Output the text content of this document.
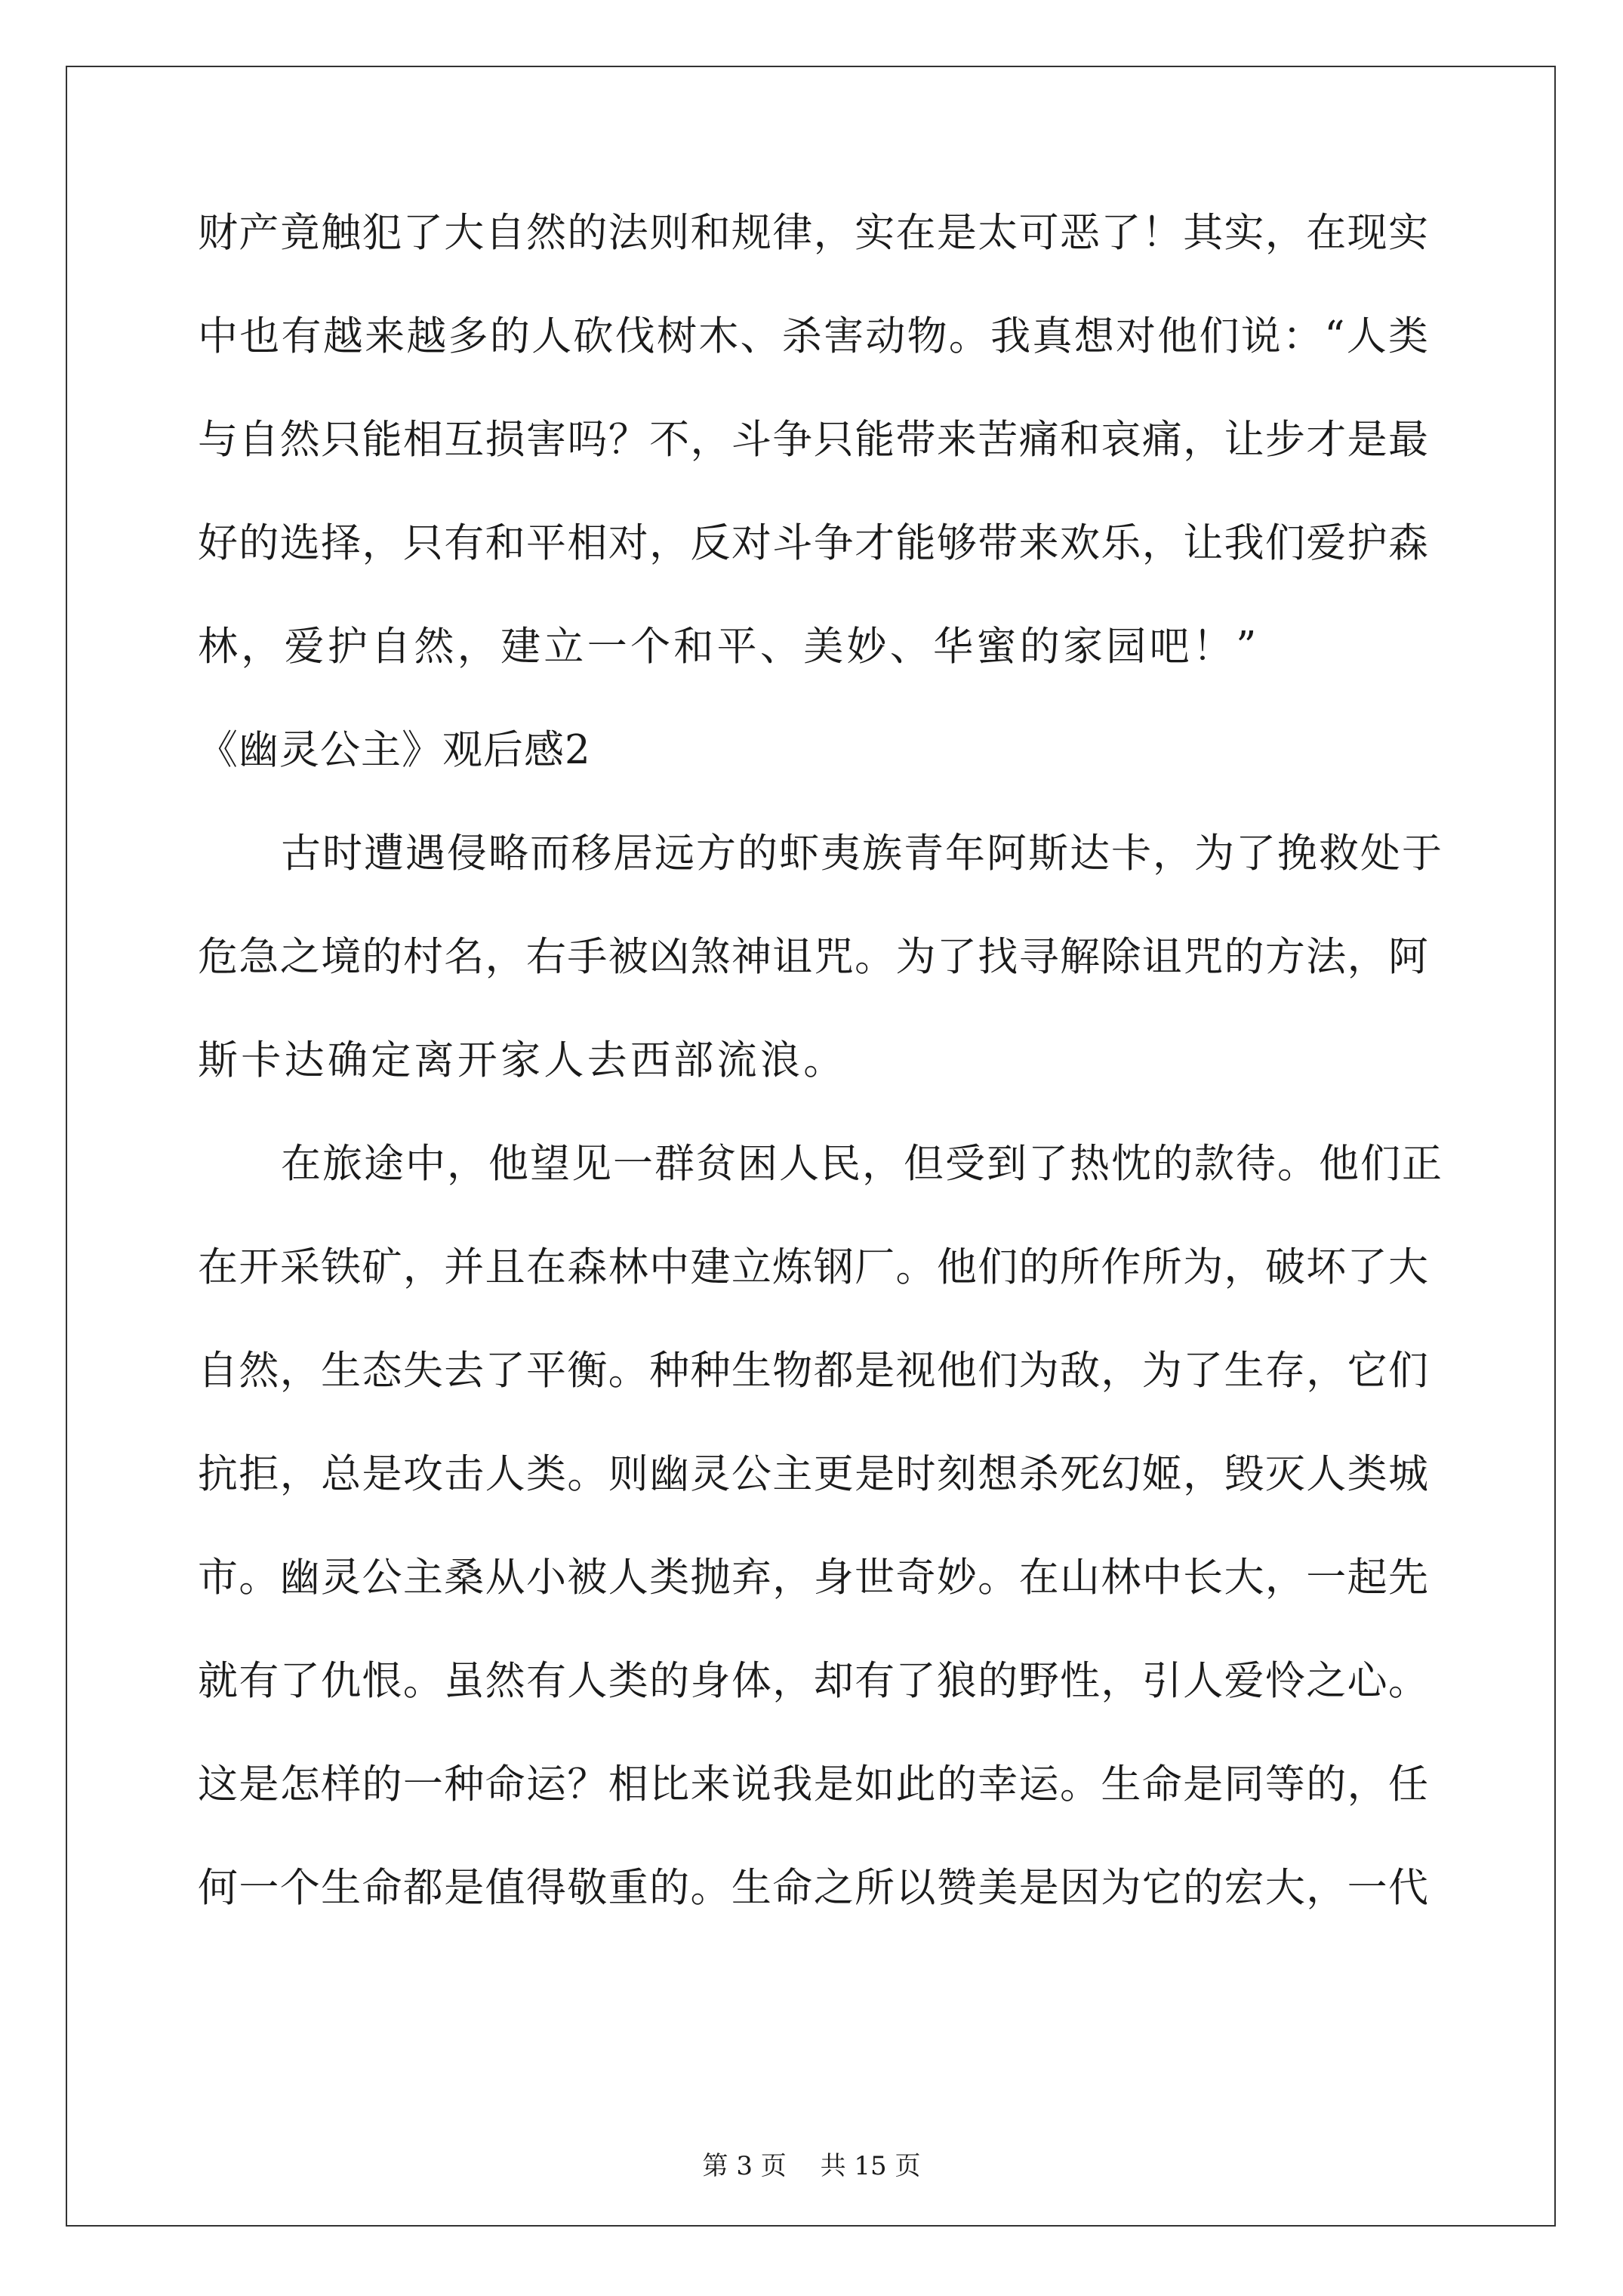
财产竟触犯了大自然的法则和规律，实在是太可恶了！其实，在现实
中也有越来越多的人砍伐树木、杀害动物。我真想对他们说：“人类
与自然只能相互损害吗？不，斗争只能带来苦痛和哀痛，让步才是最
好的选择，只有和平相对，反对斗争才能够带来欢乐，让我们爱护森
林，爱护自然，建立一个和平、美妙、华蜜的家园吧！”
《幽灵公主》观后感2
　　古时遭遇侵略而移居远方的虾夷族青年阿斯达卡，为了挽救处于
危急之境的村名，右手被凶煞神诅咒。为了找寻解除诅咒的方法，阿
斯卡达确定离开家人去西部流浪。
　　在旅途中，他望见一群贫困人民，但受到了热忱的款待。他们正
在开采铁矿，并且在森林中建立炼钢厂。他们的所作所为，破坏了大
自然，生态失去了平衡。种种生物都是视他们为敌，为了生存，它们
抗拒，总是攻击人类。则幽灵公主更是时刻想杀死幻姬，毁灭人类城
市。幽灵公主桑从小被人类抛弃，身世奇妙。在山林中长大，一起先
就有了仇恨。虽然有人类的身体，却有了狼的野性，引人爱怜之心。
这是怎样的一种命运？相比来说我是如此的幸运。生命是同等的，任
何一个生命都是值得敬重的。生命之所以赞美是因为它的宏大，一代
第 3 页　 共 15 页
